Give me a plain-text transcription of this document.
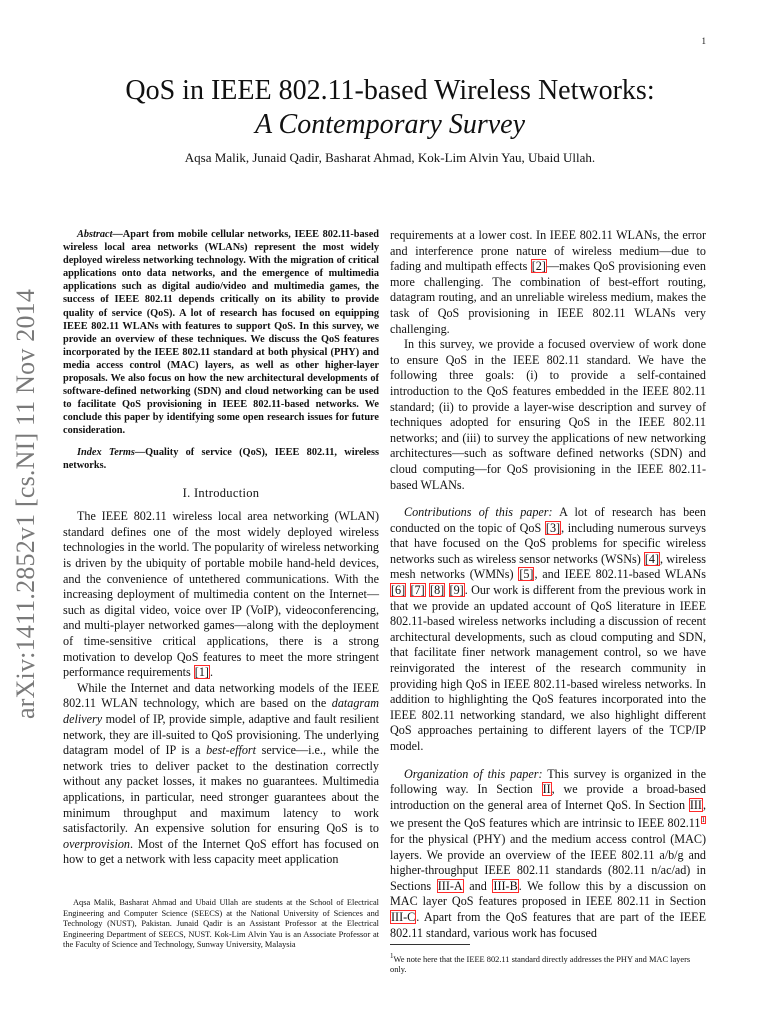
1
arXiv:1411.2852v1 [cs.NI] 11 Nov 2014
QoS in IEEE 802.11-based Wireless Networks:
A Contemporary Survey
Aqsa Malik, Junaid Qadir, Basharat Ahmad, Kok-Lim Alvin Yau, Ubaid Ullah.

Abstract—Apart from mobile cellular networks, IEEE 802.11-based wireless local area networks (WLANs) represent the most widely deployed wireless networking technology. With the migration of critical applications onto data networks, and the emergence of multimedia applications such as digital audio/video and multimedia games, the success of IEEE 802.11 depends critically on its ability to provide quality of service (QoS). A lot of research has focused on equipping IEEE 802.11 WLANs with features to support QoS. In this survey, we provide an overview of these techniques. We discuss the QoS features incorporated by the IEEE 802.11 standard at both physical (PHY) and media access control (MAC) layers, as well as other higher-layer proposals. We also focus on how the new architectural developments of software-defined networking (SDN) and cloud networking can be used to facilitate QoS provisioning in IEEE 802.11-based networks. We conclude this paper by identifying some open research issues for future consideration.

Index Terms—Quality of service (QoS), IEEE 802.11, wireless networks.

I. Introduction

The IEEE 802.11 wireless local area networking (WLAN) standard defines one of the most widely deployed wireless technologies in the world. The popularity of wireless networking is driven by the ubiquity of portable mobile hand-held devices, and the convenience of untethered communications. With the increasing deployment of multimedia content on the Internet—such as digital video, voice over IP (VoIP), videoconferencing, and multi-player networked games—along with the deployment of time-sensitive critical applications, there is a strong motivation to develop QoS features to meet the more stringent performance requirements [1].

While the Internet and data networking models of the IEEE 802.11 WLAN technology, which are based on the datagram delivery model of IP, provide simple, adaptive and fault resilient network, they are ill-suited to QoS provisioning. The underlying datagram model of IP is a best-effort service—i.e., while the network tries to deliver packet to the destination correctly without any packet losses, it makes no guarantees. Multimedia applications, in particular, need stronger guarantees about the minimum throughput and maximum latency to work satisfactorily. An expensive solution for ensuring QoS is to overprovision. Most of the Internet QoS effort has focused on how to get a network with less capacity meet application

Aqsa Malik, Basharat Ahmad and Ubaid Ullah are students at the School of Electrical Engineering and Computer Science (SEECS) at the National University of Sciences and Technology (NUST), Pakistan. Junaid Qadir is an Assistant Professor at the Electrical Engineering Department of SEECS, NUST. Kok-Lim Alvin Yau is an Associate Professor at the Faculty of Science and Technology, Sunway University, Malaysia

requirements at a lower cost. In IEEE 802.11 WLANs, the error and interference prone nature of wireless medium—due to fading and multipath effects [2]—makes QoS provisioning even more challenging. The combination of best-effort routing, datagram routing, and an unreliable wireless medium, makes the task of QoS provisioning in IEEE 802.11 WLANs very challenging.

In this survey, we provide a focused overview of work done to ensure QoS in the IEEE 802.11 standard. We have the following three goals: (i) to provide a self-contained introduction to the QoS features embedded in the IEEE 802.11 standard; (ii) to provide a layer-wise description and survey of techniques adopted for ensuring QoS in the IEEE 802.11 networks; and (iii) to survey the applications of new networking architectures—such as software defined networks (SDN) and cloud computing—for QoS provisioning in the IEEE 802.11-based WLANs.

Contributions of this paper: A lot of research has been conducted on the topic of QoS [3], including numerous surveys that have focused on the QoS problems for specific wireless networks such as wireless sensor networks (WSNs) [4], wireless mesh networks (WMNs) [5], and IEEE 802.11-based WLANs [6] [7] [8] [9]. Our work is different from the previous work in that we provide an updated account of QoS literature in IEEE 802.11-based wireless networks including a discussion of recent architectural developments, such as cloud computing and SDN, that facilitate finer network management control, so we have reinvigorated the interest of the research community in providing high QoS in IEEE 802.11-based wireless networks. In addition to highlighting the QoS features incorporated into the IEEE 802.11 networking standard, we also highlight different QoS approaches pertaining to different layers of the TCP/IP model.

Organization of this paper: This survey is organized in the following way. In Section II, we provide a broad-based introduction on the general area of Internet QoS. In Section III, we present the QoS features which are intrinsic to IEEE 802.11$^1$ for the physical (PHY) and the medium access control (MAC) layers. We provide an overview of the IEEE 802.11 a/b/g and higher-throughput IEEE 802.11 standards (802.11 n/ac/ad) in Sections III-A and III-B. We follow this by a discussion on MAC layer QoS features proposed in IEEE 802.11 in Section III-C. Apart from the QoS features that are part of the IEEE 802.11 standard, various work has focused

$^1$We note here that the IEEE 802.11 standard directly addresses the PHY and MAC layers only.
